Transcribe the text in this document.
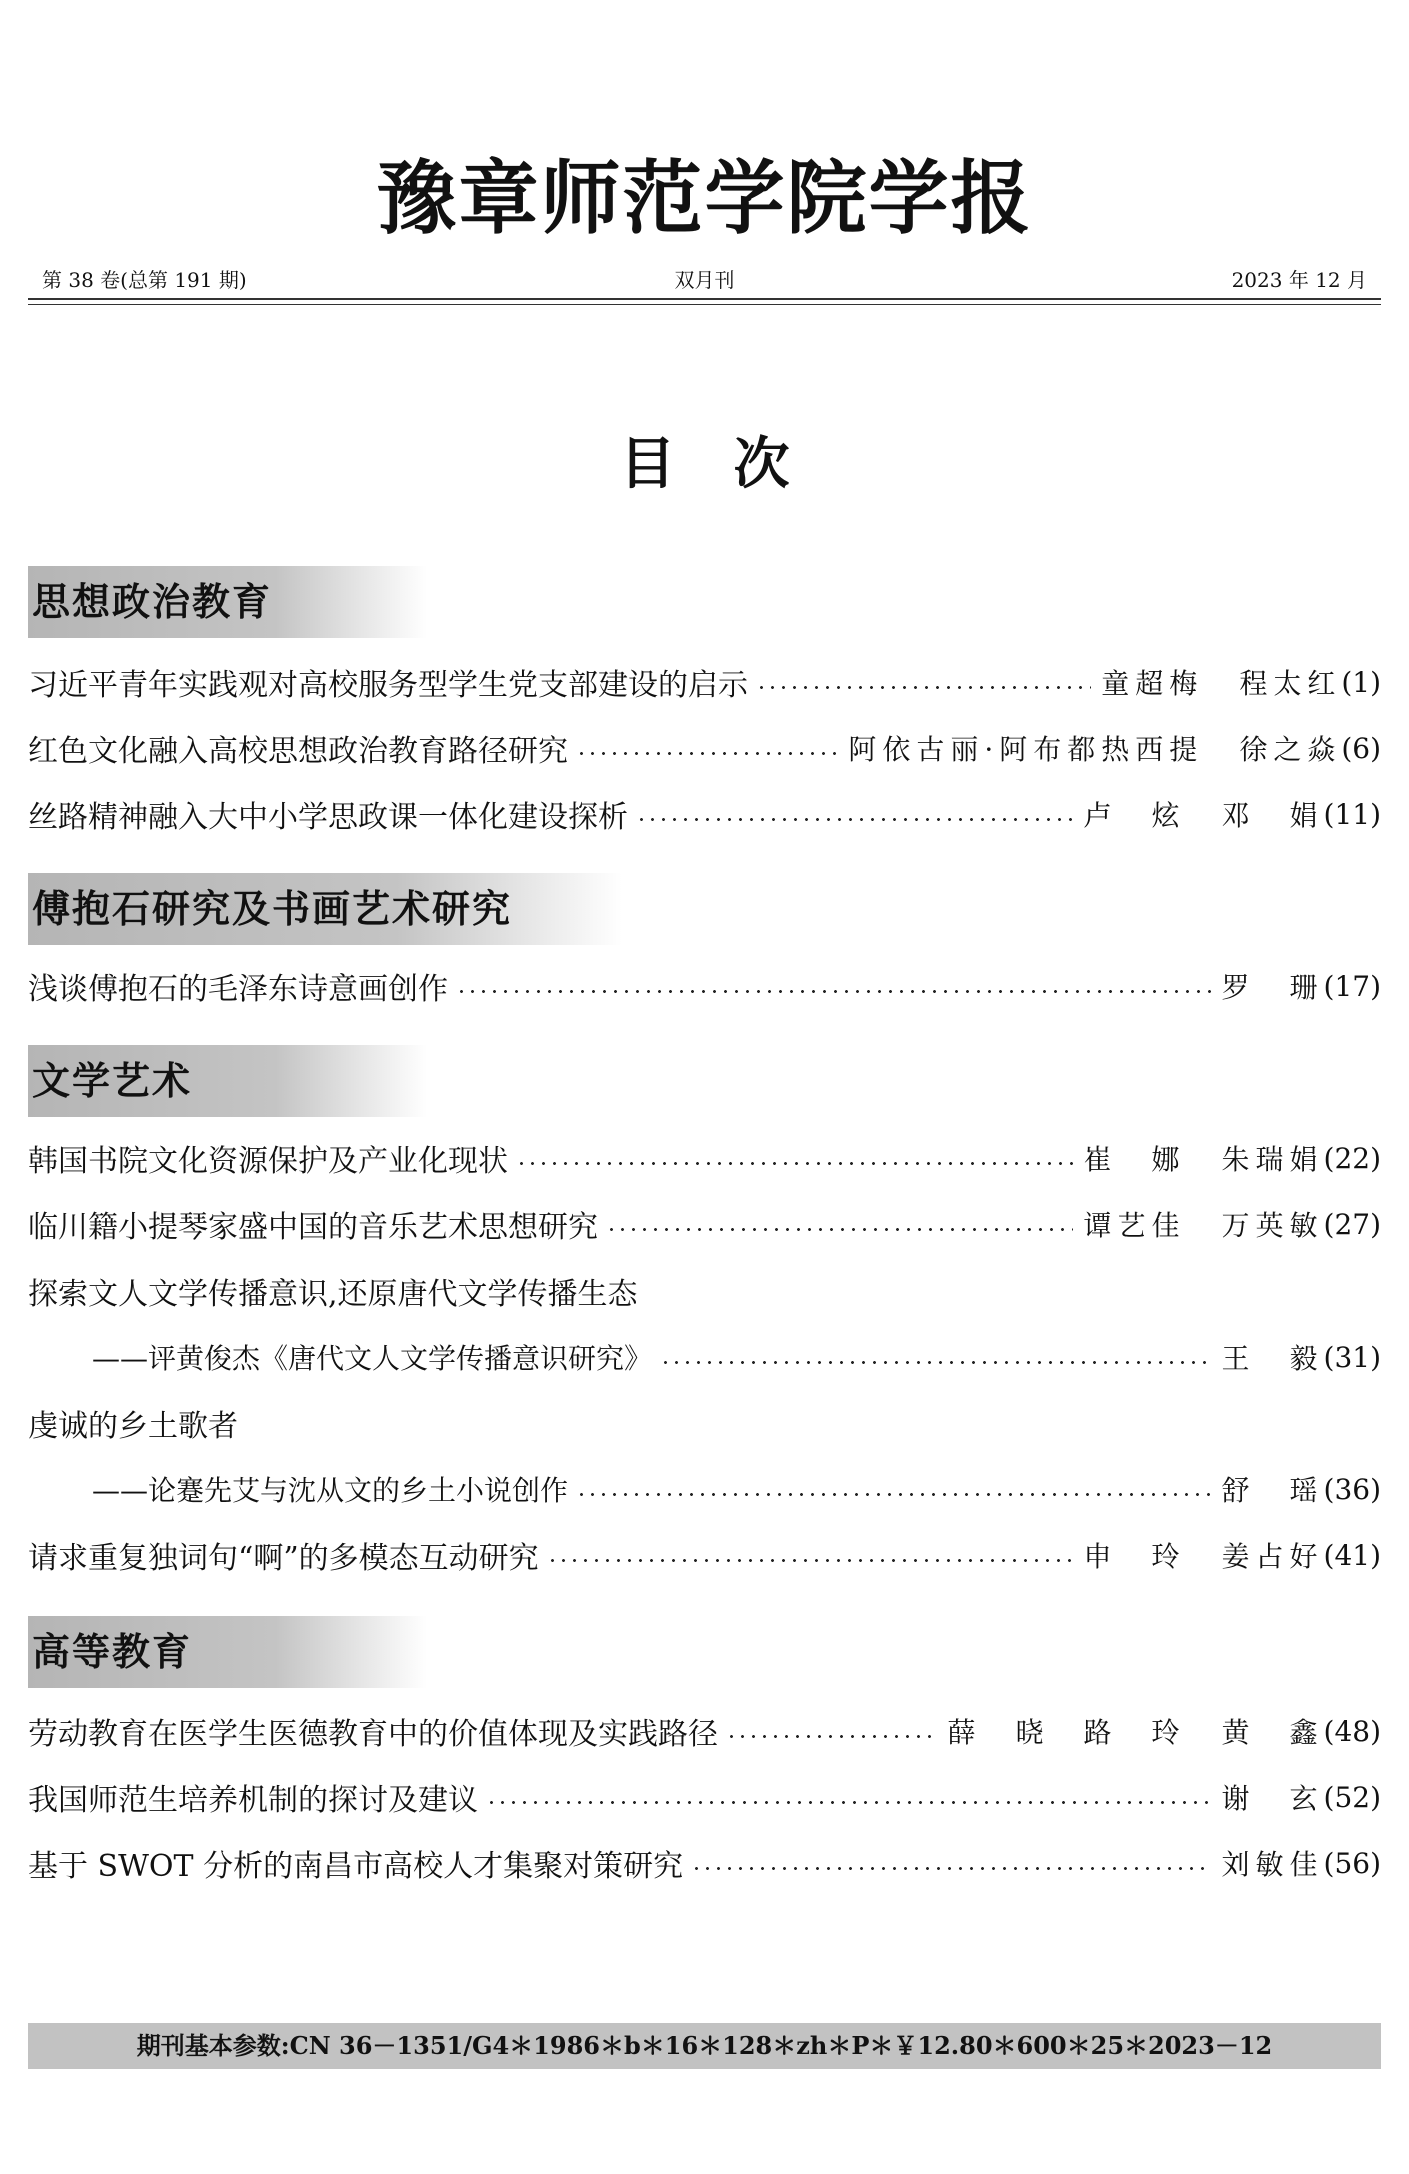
豫章师范学院学报
第 38 卷(总第 191 期)	双月刊	2023 年 12 月
目 次
思想政治教育
习近平青年实践观对高校服务型学生党支部建设的启示	童超梅 程太红 (1)
红色文化融入高校思想政治教育路径研究	阿依古丽·阿布都热西提 徐之焱 (6)
丝路精神融入大中小学思政课一体化建设探析	卢　炫 邓　娟 (11)
傅抱石研究及书画艺术研究
浅谈傅抱石的毛泽东诗意画创作	罗　珊 (17)
文学艺术
韩国书院文化资源保护及产业化现状	崔　娜 朱瑞娟 (22)
临川籍小提琴家盛中国的音乐艺术思想研究	谭艺佳 万英敏 (27)
探索文人文学传播意识,还原唐代文学传播生态
——评黄俊杰《唐代文人文学传播意识研究》	王　毅 (31)
虔诚的乡土歌者
——论蹇先艾与沈从文的乡土小说创作	舒　瑶 (36)
请求重复独词句“啊”的多模态互动研究	申　玲 姜占好 (41)
高等教育
劳动教育在医学生医德教育中的价值体现及实践路径	薛　晓　路　玲 黄　鑫 (48)
我国师范生培养机制的探讨及建议	谢　玄 (52)
基于 SWOT 分析的南昌市高校人才集聚对策研究	刘敏佳 (56)
期刊基本参数:CN 36－1351/G4＊1986＊b＊16＊128＊zh＊P＊￥12.80＊600＊25＊2023－12
